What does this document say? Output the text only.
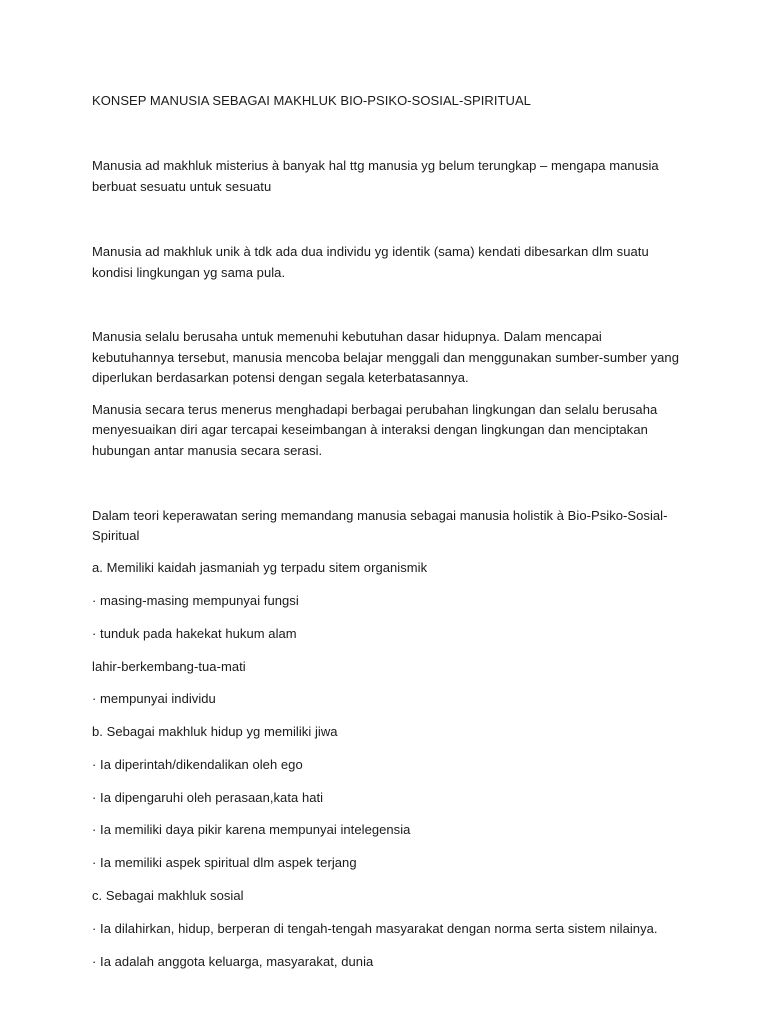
KONSEP MANUSIA SEBAGAI MAKHLUK BIO-PSIKO-SOSIAL-SPIRITUAL
Manusia ad makhluk misterius à banyak hal ttg manusia yg belum terungkap – mengapa manusia
berbuat sesuatu untuk sesuatu
Manusia ad makhluk unik à tdk ada dua individu yg identik (sama) kendati dibesarkan dlm suatu
kondisi lingkungan yg sama pula.
Manusia selalu berusaha untuk memenuhi kebutuhan dasar hidupnya. Dalam mencapai
kebutuhannya tersebut, manusia mencoba belajar menggali dan menggunakan sumber-sumber yang
diperlukan berdasarkan potensi dengan segala keterbatasannya.
Manusia secara terus menerus menghadapi berbagai perubahan lingkungan dan selalu berusaha
menyesuaikan diri agar tercapai keseimbangan à interaksi dengan lingkungan dan menciptakan
hubungan antar manusia secara serasi.
Dalam teori keperawatan sering memandang manusia sebagai manusia holistik à Bio-Psiko-Sosial-
Spiritual
a. Memiliki kaidah jasmaniah yg terpadu sitem organismik
· masing-masing mempunyai fungsi
· tunduk pada hakekat hukum alam
lahir-berkembang-tua-mati
· mempunyai individu
b. Sebagai makhluk hidup yg memiliki jiwa
· Ia diperintah/dikendalikan oleh ego
· Ia dipengaruhi oleh perasaan,kata hati
· Ia memiliki daya pikir karena mempunyai intelegensia
· Ia memiliki aspek spiritual dlm aspek terjang
c. Sebagai makhluk sosial
· Ia dilahirkan, hidup, berperan di tengah-tengah masyarakat dengan norma serta sistem nilainya.
· Ia adalah anggota keluarga, masyarakat, dunia
